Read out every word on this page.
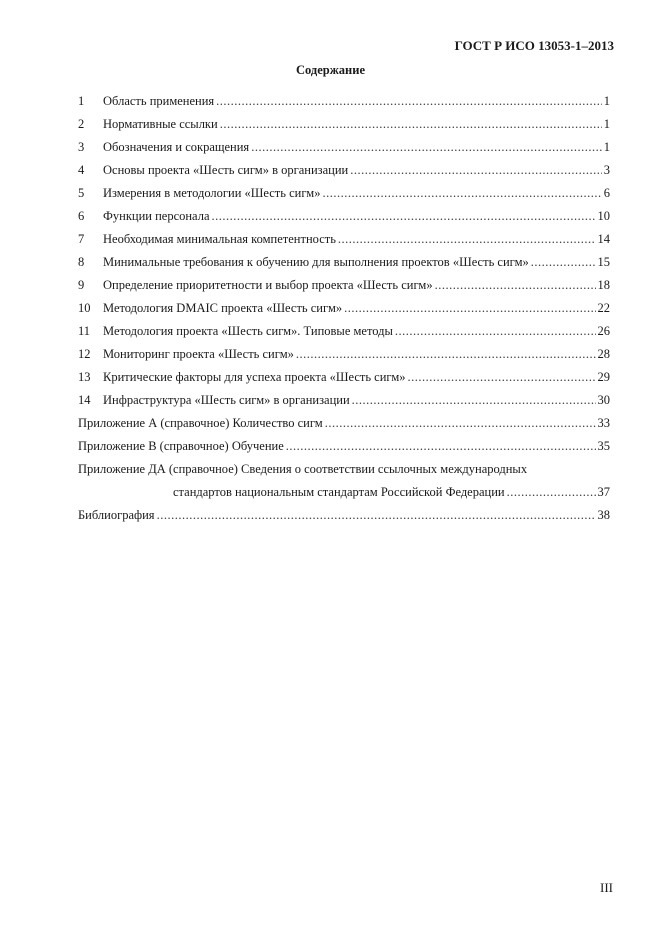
ГОСТ Р ИСО 13053-1–2013
Содержание
1	Область применения .....	1
2	Нормативные ссылки .....	1
3	Обозначения и сокращения .....	1
4	Основы проекта «Шесть сигм» в организации .....	3
5	Измерения в методологии «Шесть сигм» .....	6
6	Функции персонала .....	10
7	Необходимая минимальная компетентность .....	14
8	Минимальные требования к обучению для выполнения проектов «Шесть сигм» .....	15
9	Определение приоритетности и выбор проекта «Шесть сигм» .....	18
10	Методология DMAIC проекта «Шесть сигм» .....	22
11	Методология проекта «Шесть сигм». Типовые методы .....	26
12	Мониторинг проекта «Шесть сигм» .....	28
13	Критические факторы для успеха проекта «Шесть сигм» .....	29
14	Инфраструктура «Шесть сигм» в организации .....	30
Приложение А (справочное) Количество сигм .....	33
Приложение В (справочное) Обучение .....	35
Приложение ДА (справочное) Сведения о соответствии ссылочных международных
стандартов национальным стандартам Российской Федерации .....	37
Библиография .....	38
III
